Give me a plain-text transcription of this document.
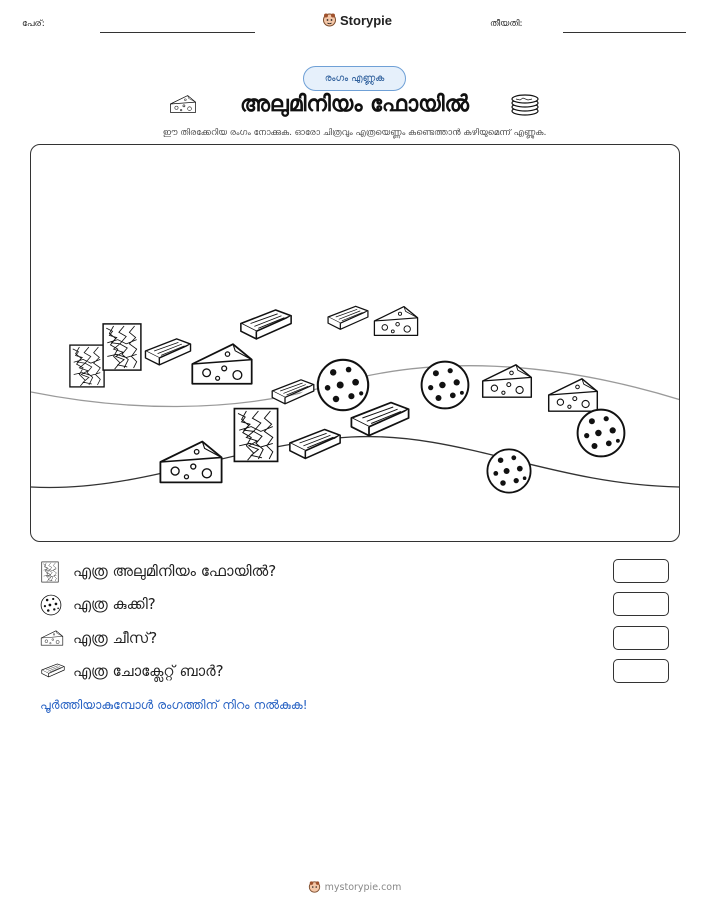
പേര്:	Storypie	തീയതി:
രംഗം എണ്ണുക
അലുമിനിയം ഫോയിൽ
ഈ തിരക്കേറിയ രംഗം നോക്കുക. ഓരോ ചിത്രവും എത്രയെണ്ണം കണ്ടെത്താൻ കഴിയുമെന്ന് എണ്ണുക.
എത്ര അലുമിനിയം ഫോയിൽ?
എത്ര കുക്കി?
എത്ര ചീസ്?
എത്ര ചോക്ലേറ്റ് ബാർ?
പൂർത്തിയാകുമ്പോൾ രംഗത്തിന് നിറം നൽകുക!
mystorypie.com
